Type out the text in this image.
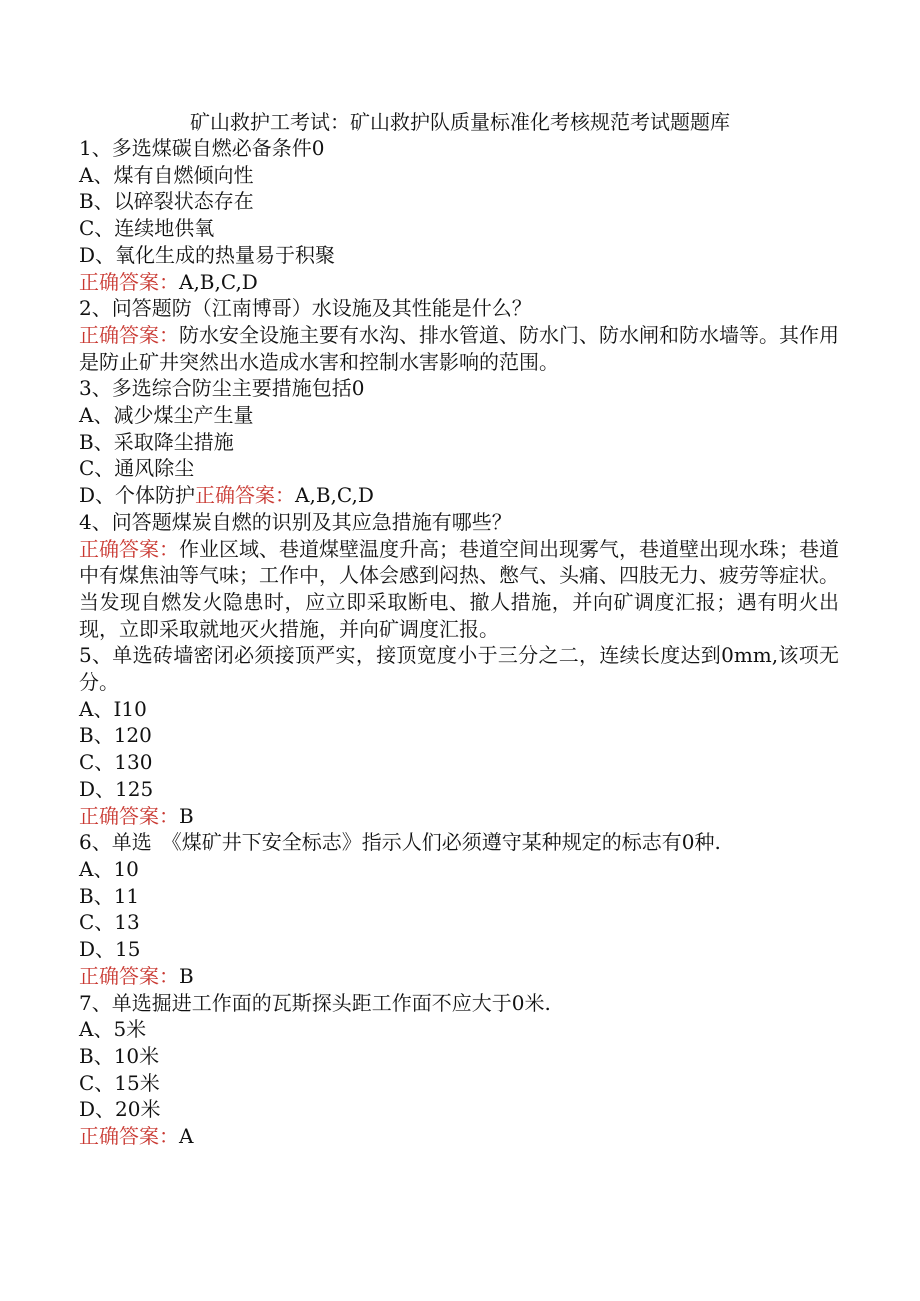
矿山救护工考试：矿山救护队质量标准化考核规范考试题题库
1、多选煤碳自燃必备条件0
A、煤有自燃倾向性
B、以碎裂状态存在
C、连续地供氧
D、氧化生成的热量易于积聚
正确答案：A,B,C,D
2、问答题防（江南博哥）水设施及其性能是什么？
正确答案：防水安全设施主要有水沟、排水管道、防水门、防水闸和防水墙等。其作用是防止矿井突然出水造成水害和控制水害影响的范围。
3、多选综合防尘主要措施包括0
A、减少煤尘产生量
B、采取降尘措施
C、通风除尘
D、个体防护正确答案：A,B,C,D
4、问答题煤炭自燃的识别及其应急措施有哪些？
正确答案：作业区域、巷道煤壁温度升高；巷道空间出现雾气，巷道壁出现水珠；巷道中有煤焦油等气味；工作中，人体会感到闷热、憋气、头痛、四肢无力、疲劳等症状。
当发现自燃发火隐患时，应立即采取断电、撤人措施，并向矿调度汇报；遇有明火出现，立即采取就地灭火措施，并向矿调度汇报。
5、单选砖墙密闭必须接顶严实，接顶宽度小于三分之二，连续长度达到0mm,该项无分。
A、I10
B、120
C、130
D、125
正确答案：B
6、单选　《煤矿井下安全标志》指示人们必须遵守某种规定的标志有0种.
A、10
B、11
C、13
D、15
正确答案：B
7、单选掘进工作面的瓦斯探头距工作面不应大于0米.
A、5米
B、10米
C、15米
D、20米
正确答案：A
